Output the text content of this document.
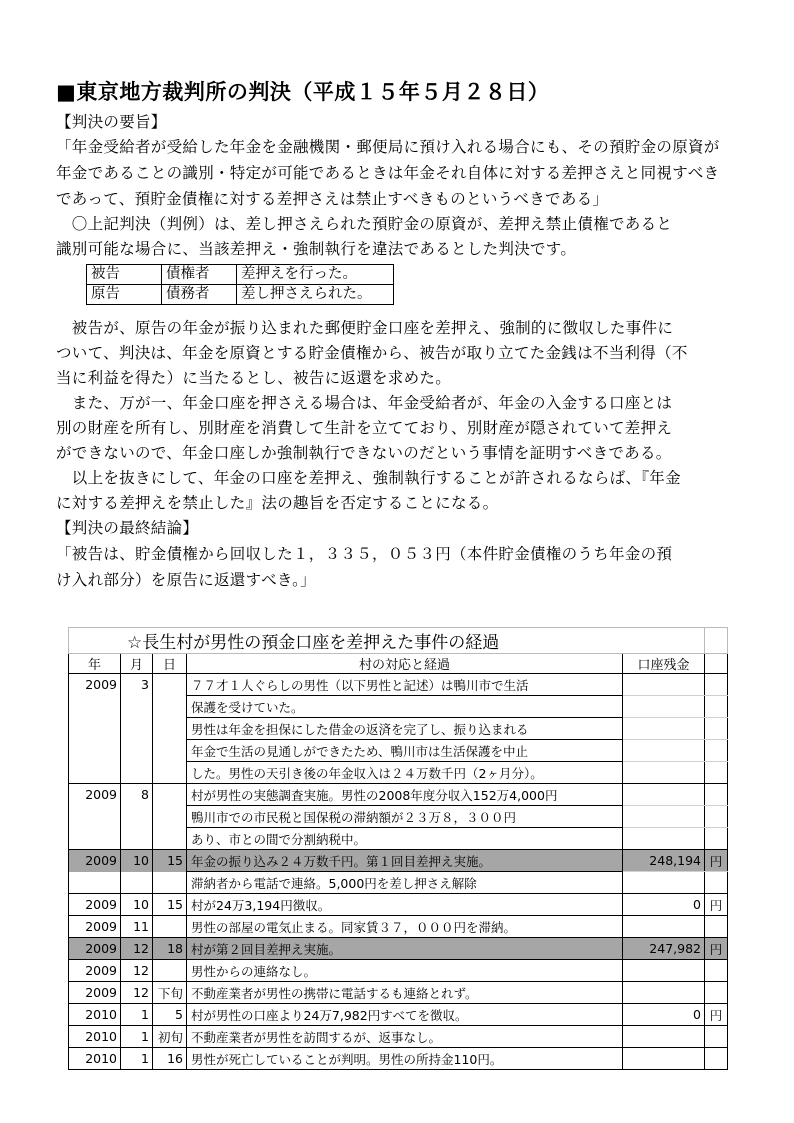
■東京地方裁判所の判決（平成１５年５月２８日）
【判決の要旨】
「年金受給者が受給した年金を金融機関・郵便局に預け入れる場合にも、その預貯金の原資が
年金であることの識別・特定が可能であるときは年金それ自体に対する差押さえと同視すべき
であって、預貯金債権に対する差押さえは禁止すべきものというべきである」
　〇上記判決（判例）は、差し押さえられた預貯金の原資が、差押え禁止債権であると
識別可能な場合に、当該差押え・強制執行を違法であるとした判決です。
被告	債権者	差押えを行った。
原告	債務者	差し押さえられた。
　被告が、原告の年金が振り込まれた郵便貯金口座を差押え、強制的に徴収した事件に
ついて、判決は、年金を原資とする貯金債権から、被告が取り立てた金銭は不当利得（不
当に利益を得た）に当たるとし、被告に返還を求めた。
　また、万が一、年金口座を押さえる場合は、年金受給者が、年金の入金する口座とは
別の財産を所有し、別財産を消費して生計を立てており、別財産が隠されていて差押え
ができないので、年金口座しか強制執行できないのだという事情を証明すべきである。
　以上を抜きにして、年金の口座を差押え、強制執行することが許されるならば、『年金
に対する差押えを禁止した』法の趣旨を否定することになる。
【判決の最終結論】
「被告は、貯金債権から回収した１，３３５，０５３円（本件貯金債権のうち年金の預
け入れ部分）を原告に返還すべき。」
☆長生村が男性の預金口座を差押えた事件の経過					
年	月	日	村の対応と経過	口座残金	
2009	3		７７才１人ぐらしの男性（以下男性と記述）は鴨川市で生活		
			保護を受けていた。		
			男性は年金を担保にした借金の返済を完了し、振り込まれる		
			年金で生活の見通しができたため、鴨川市は生活保護を中止		
			した。男性の天引き後の年金収入は２４万数千円（2ヶ月分）。		
2009	8		村が男性の実態調査実施。男性の2008年度分収入152万4,000円		
			鴨川市での市民税と国保税の滞納額が２３万８，３００円		
			あり、市との間で分割納税中。		
2009	10	15	年金の振り込み２４万数千円。第１回目差押え実施。	248,194	円
			滞納者から電話で連絡。5,000円を差し押さえ解除		
2009	10	15	村が24万3,194円徴収。	0	円
2009	11		男性の部屋の電気止まる。同家賃３７，０００円を滞納。		
2009	12	18	村が第２回目差押え実施。	247,982	円
2009	12		男性からの連絡なし。		
2009	12	下旬	不動産業者が男性の携帯に電話するも連絡とれず。		
2010	1	5	村が男性の口座より24万7,982円すべてを徴収。	0	円
2010	1	初旬	不動産業者が男性を訪問するが、返事なし。		
2010	1	16	男性が死亡していることが判明。男性の所持金110円。		
